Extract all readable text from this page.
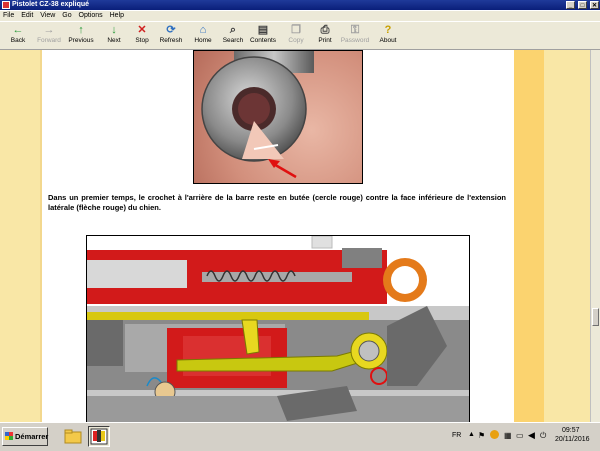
Pistolet CZ-38 expliqué	_ □ ✕
File Edit View Go Options Help
←
Back
→
Forward
↑
Previous
↓
Next
✕
Stop
⟳
Refresh
⌂
Home
⌕
Search
▤
Contents
❐
Copy
⎙
Print
⚿
Password
?
About
Dans un premier temps, le crochet à l'arrière de la barre reste en butée (cercle rouge) contre la face inférieure de l'extension latérale (flèche rouge) du chien.
Démarrer	FR ▲ ⚑ ▦ ▭ ◀ ⏻
09:57
20/11/2016
